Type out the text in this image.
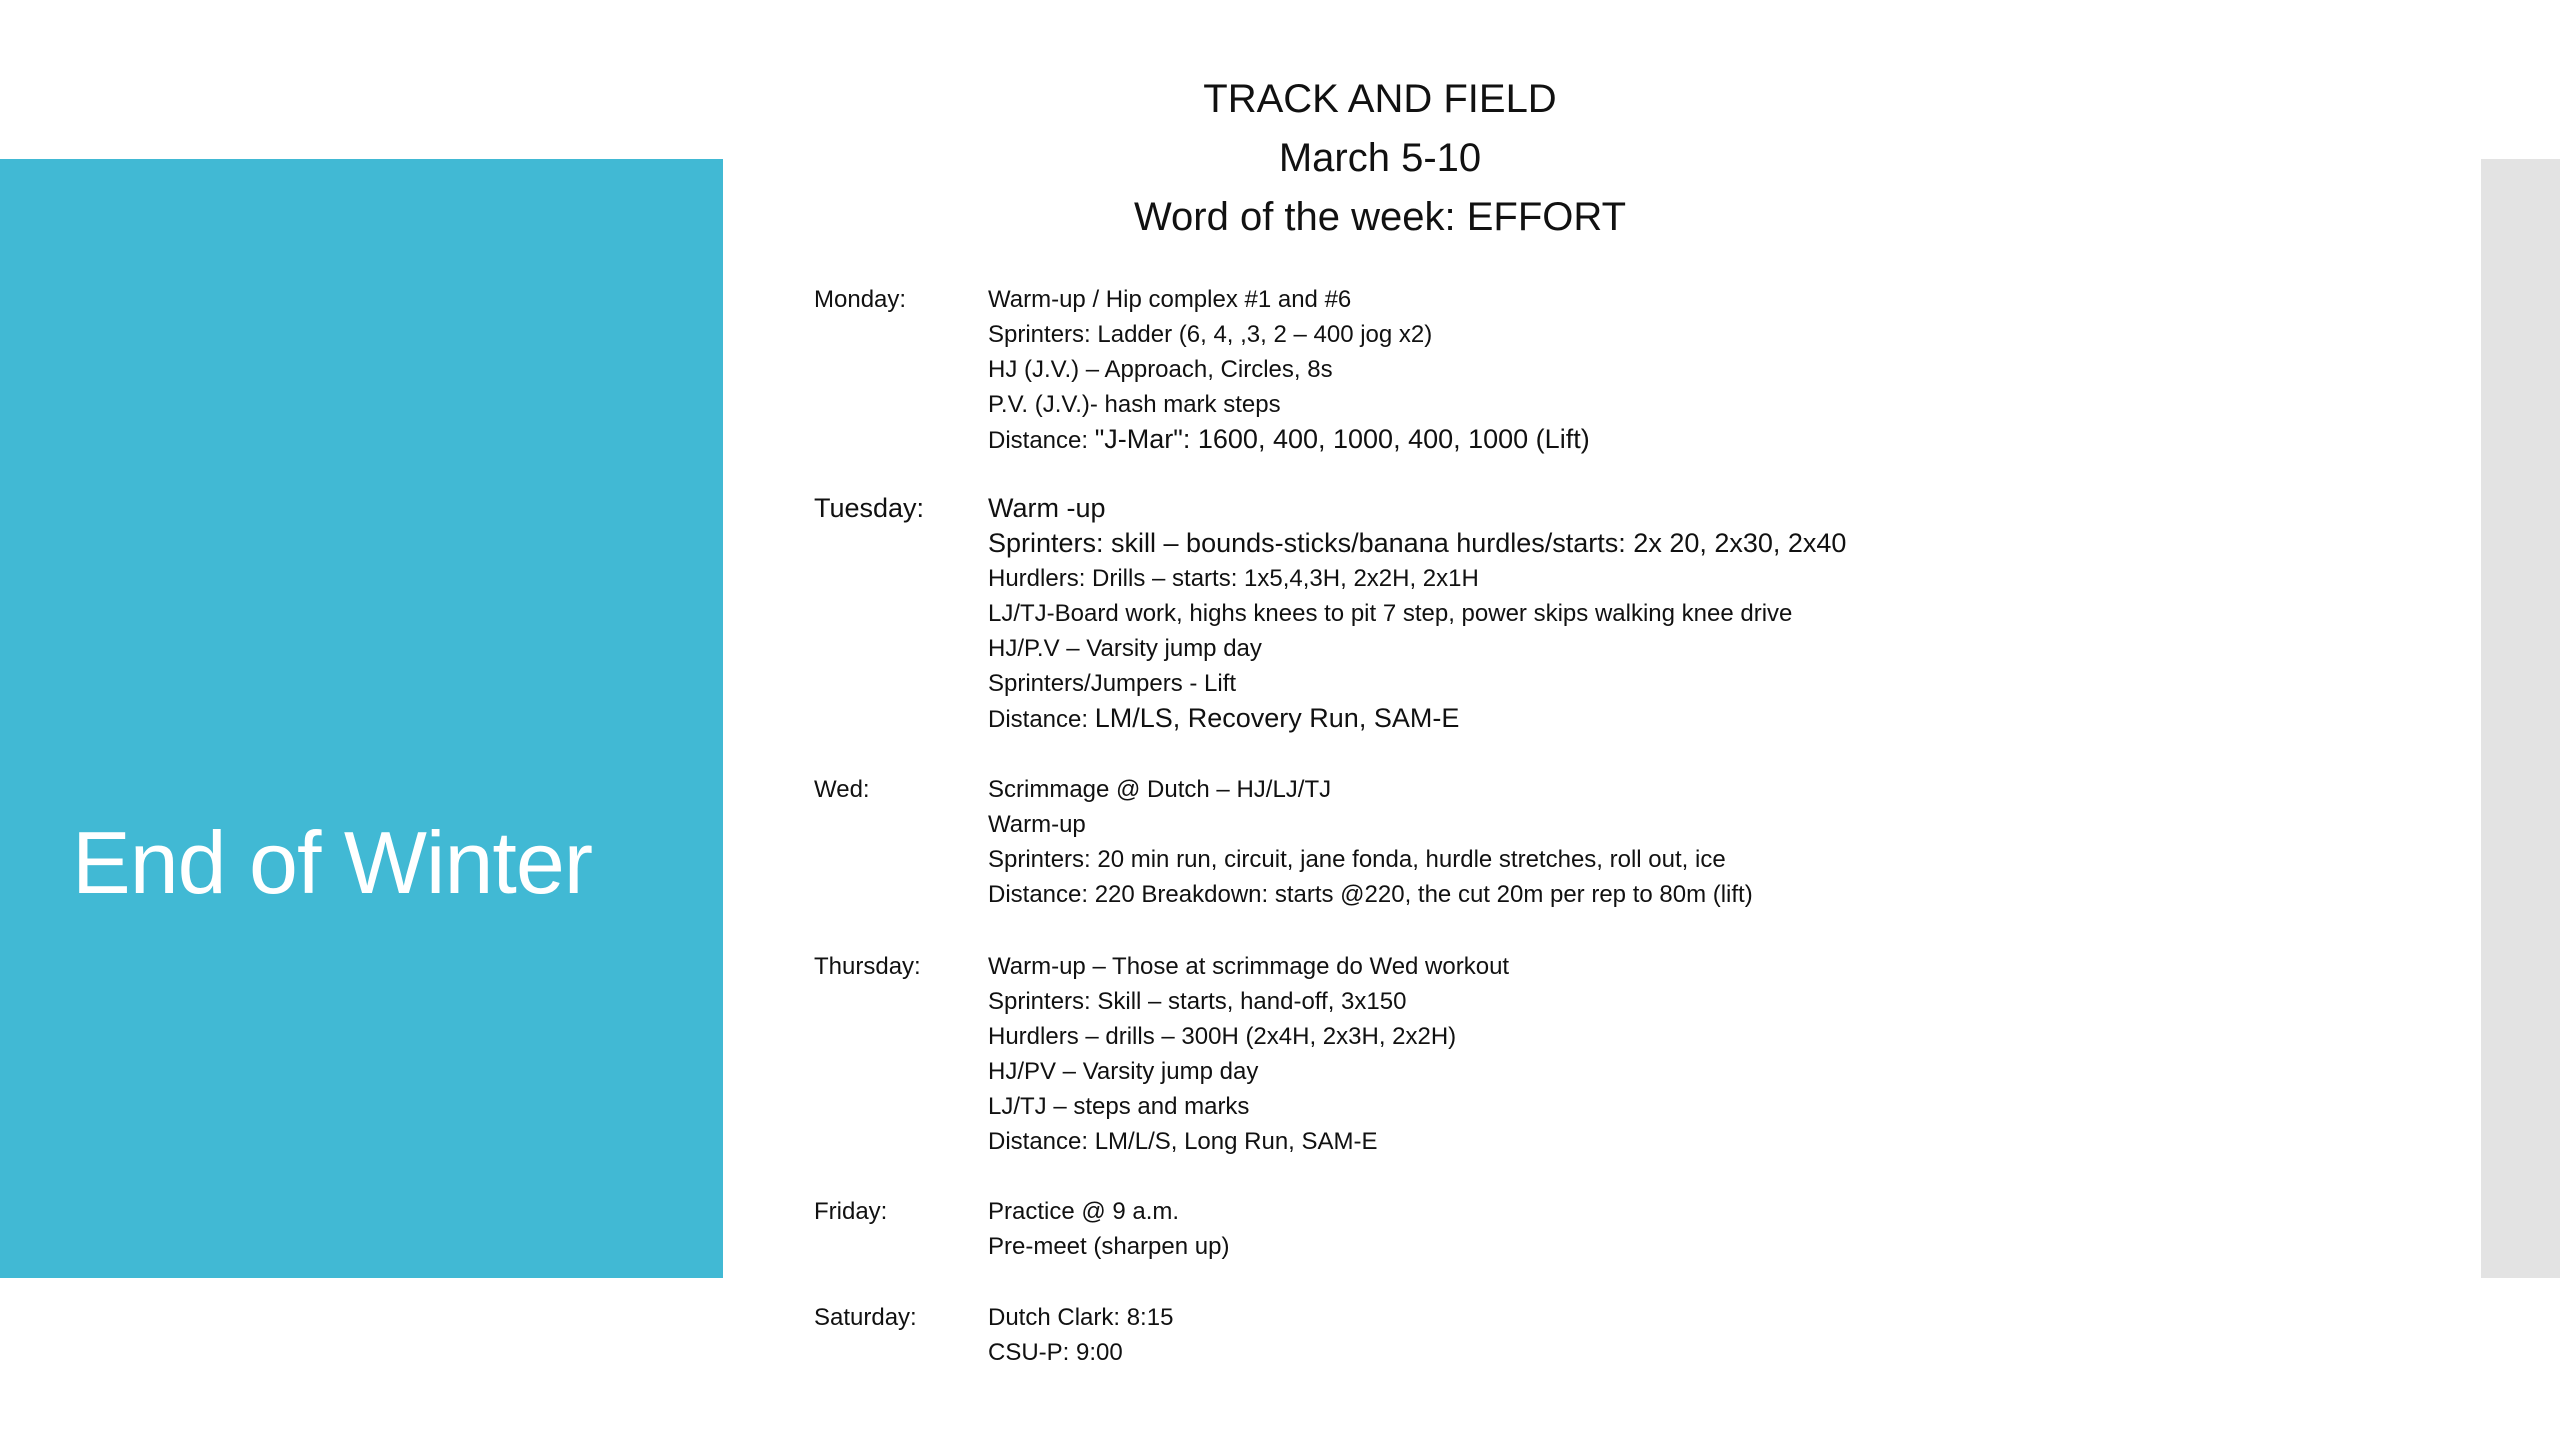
End of Winter
TRACK AND FIELD
March 5-10
Word of the week: EFFORT
Monday:	Warm-up / Hip complex #1 and #6
Sprinters: Ladder (6, 4, ,3, 2 – 400 jog x2)
HJ (J.V.) – Approach, Circles, 8s
P.V. (J.V.)- hash mark steps
Distance: "J-Mar": 1600, 400, 1000, 400, 1000 (Lift)
Tuesday: Warm -up
Sprinters: skill – bounds-sticks/banana hurdles/starts: 2x 20, 2x30, 2x40
Hurdlers: Drills – starts: 1x5,4,3H, 2x2H, 2x1H
LJ/TJ-Board work, highs knees to pit 7 step, power skips walking knee drive
HJ/P.V – Varsity jump day
Sprinters/Jumpers - Lift
Distance: LM/LS, Recovery Run, SAM-E
Wed:	Scrimmage @ Dutch – HJ/LJ/TJ
Warm-up
Sprinters: 20 min run, circuit, jane fonda, hurdle stretches, roll out, ice
Distance: 220 Breakdown: starts @220, the cut 20m per rep to 80m (lift)
Thursday:	Warm-up – Those at scrimmage do Wed workout
Sprinters: Skill – starts, hand-off, 3x150
Hurdlers – drills – 300H (2x4H, 2x3H, 2x2H)
HJ/PV – Varsity jump day
LJ/TJ – steps and marks
Distance: LM/L/S, Long Run, SAM-E
Friday:	Practice @ 9 a.m.
Pre-meet (sharpen up)
Saturday:	Dutch Clark: 8:15
CSU-P: 9:00
